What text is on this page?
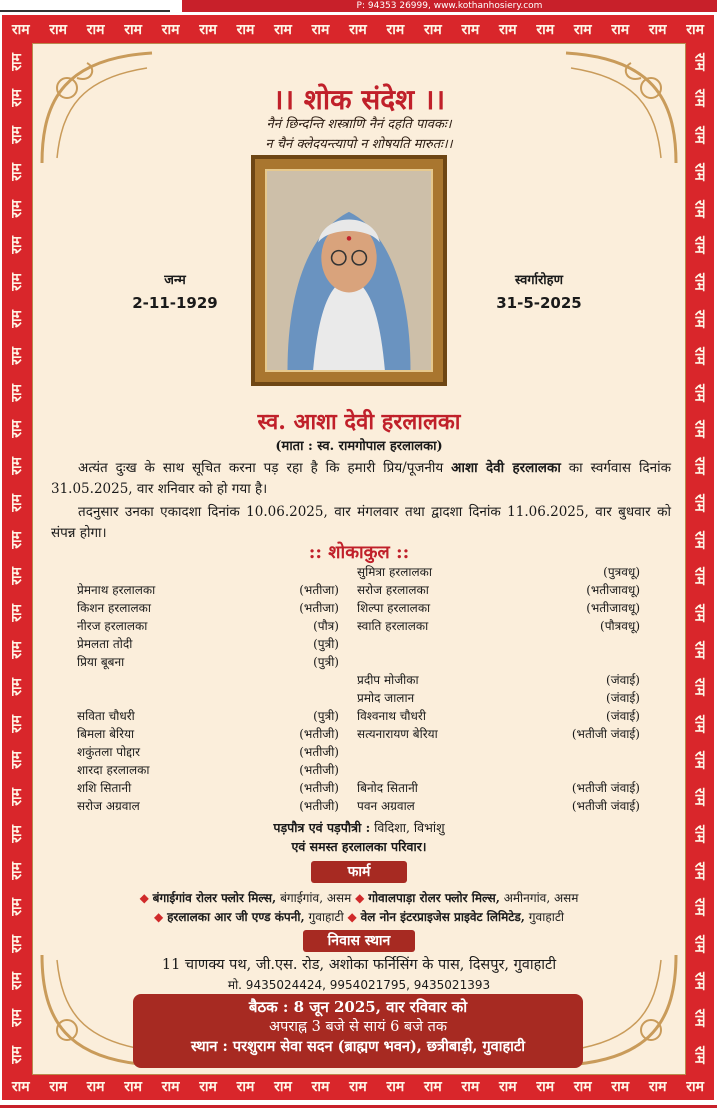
P: 94353 26999, www.kothanhosiery.com
राम राम राम राम राम राम राम राम राम राम राम राम राम राम राम राम राम राम राम
राम राम राम राम राम राम राम राम राम राम राम राम राम राम राम राम राम राम राम
राम
राम
राम
राम
राम
राम
राम
राम
राम
राम
राम
राम
राम
राम
राम
राम
राम
राम
राम
राम
राम
राम
राम
राम
राम
राम
राम
राम
राम
राम
राम
राम
राम
राम
राम
राम
राम
राम
राम
राम
राम
राम
राम
राम
राम
राम
राम
राम
राम
राम
राम
राम
राम
राम
राम
राम
।। शोक संदेश ।।
नैनं छिन्दन्ति शस्त्राणि नैनं दहति पावकः।
न चैनं क्लेदयन्त्यापो न शोषयति मारुतः।।
जन्म
2-11-1929
स्वर्गारोहण
31-5-2025
स्व. आशा देवी हरलालका
(माता : स्व. रामगोपाल हरलालका)
  अत्यंत दुःख के साथ सूचित करना पड़ रहा है कि हमारी प्रिय/पूजनीय आशा देवी हरलालका का स्वर्गवास दिनांक 31.05.2025, वार शनिवार को हो गया है।
  तदनुसार उनका एकादशा दिनांक 10.06.2025, वार मंगलवार तथा द्वादशा दिनांक 11.06.2025, वार बुधवार को संपन्न होगा।
:: शोकाकुल ::
प्रेमनाथ हरलालका	(भतीजा)
किशन हरलालका	(भतीजा)
नीरज हरलालका	(पौत्र)
प्रेमलता तोदी	(पुत्री)
प्रिया बूबना	(पुत्री)
सविता चौधरी	(पुत्री)
बिमला बेरिया	(भतीजी)
शकुंतला पोद्दार	(भतीजी)
शारदा हरलालका	(भतीजी)
शशि सितानी	(भतीजी)
सरोज अग्रवाल	(भतीजी)
सुमित्रा हरलालका	(पुत्रवधू)
सरोज हरलालका	(भतीजावधू)
शिल्पा हरलालका	(भतीजावधू)
स्वाति हरलालका	(पौत्रवधू)
प्रदीप मोजीका	(जंवाई)
प्रमोद जालान	(जंवाई)
विश्वनाथ चौधरी	(जंवाई)
सत्यनारायण बेरिया	(भतीजी जंवाई)
बिनोद सितानी	(भतीजी जंवाई)
पवन अग्रवाल	(भतीजी जंवाई)
पड़पौत्र एवं पड़पौत्री : विदिशा, विभांशु
एवं समस्त हरलालका परिवार।
फार्म
◆ बंगाईगांव रोलर फ्लोर मिल्स, बंगाईगांव, असम ◆ गोवालपाड़ा रोलर फ्लोर मिल्स, अमीनगांव, असम
◆ हरलालका आर जी एण्ड कंपनी, गुवाहाटी ◆ वेल नोन इंटरप्राइजेस प्राइवेट लिमिटेड, गुवाहाटी
निवास स्थान
11 चाणक्य पथ, जी.एस. रोड, अशोका फर्निसिंग के पास, दिसपुर, गुवाहाटी
मो. 9435024424, 9954021795, 9435021393
बैठक : 8 जून 2025, वार रविवार को
अपराह्न 3 बजे से सायं 6 बजे तक
स्थान : परशुराम सेवा सदन (ब्राह्मण भवन), छत्रीबाड़ी, गुवाहाटी
